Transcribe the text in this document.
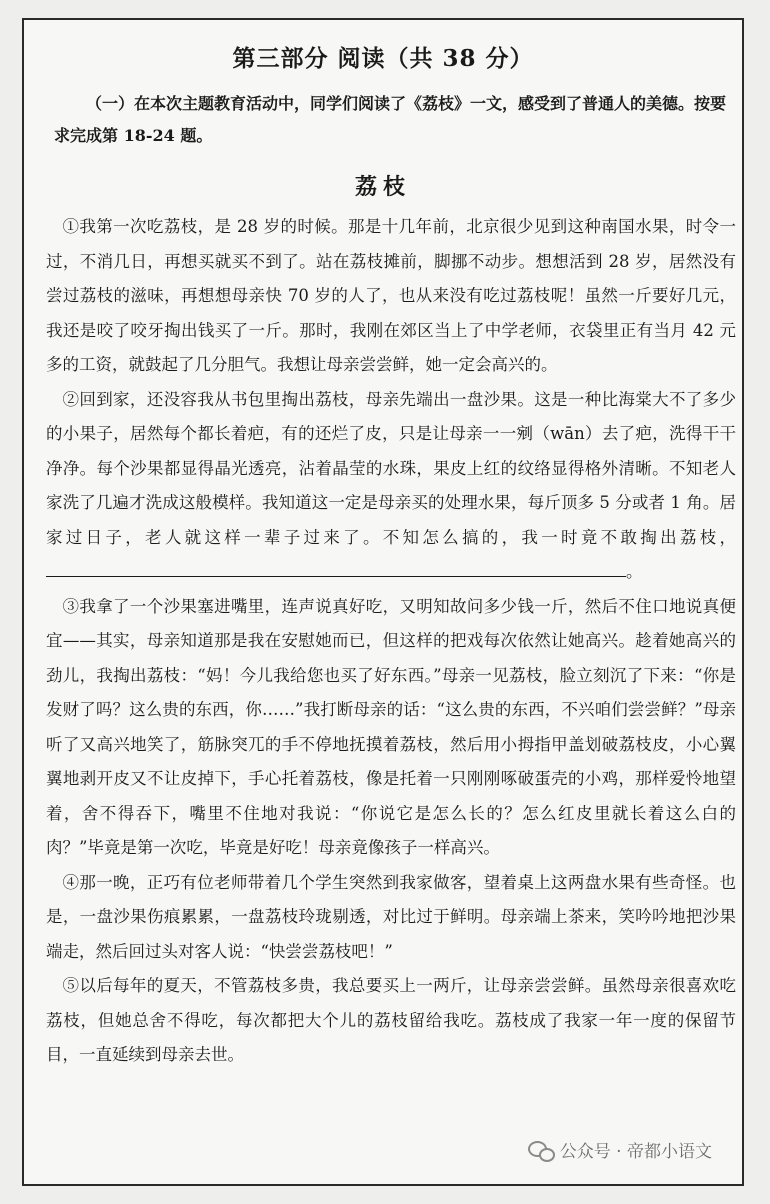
第三部分 阅读（共 38 分）
（一）在本次主题教育活动中，同学们阅读了《荔枝》一文，感受到了普通人的美德。按要求完成第 18-24 题。
荔枝

①我第一次吃荔枝，是 28 岁的时候。那是十几年前，北京很少见到这种南国水果，时令一过，不消几日，再想买就买不到了。站在荔枝摊前，脚挪不动步。想想活到 28 岁，居然没有尝过荔枝的滋味，再想想母亲快 70 岁的人了，也从来没有吃过荔枝呢！虽然一斤要好几元，我还是咬了咬牙掏出钱买了一斤。那时，我刚在郊区当上了中学老师，衣袋里正有当月 42 元多的工资，就鼓起了几分胆气。我想让母亲尝尝鲜，她一定会高兴的。

②回到家，还没容我从书包里掏出荔枝，母亲先端出一盘沙果。这是一种比海棠大不了多少的小果子，居然每个都长着疤，有的还烂了皮，只是让母亲一一剜（wān）去了疤，洗得干干净净。每个沙果都显得晶光透亮，沾着晶莹的水珠，果皮上红的纹络显得格外清晰。不知老人家洗了几遍才洗成这般模样。我知道这一定是母亲买的处理水果，每斤顶多 5 分或者 1 角。居家过日子，老人就这样一辈子过来了。不知怎么搞的，我一时竟不敢掏出荔枝，。

③我拿了一个沙果塞进嘴里，连声说真好吃，又明知故问多少钱一斤，然后不住口地说真便宜——其实，母亲知道那是我在安慰她而已，但这样的把戏每次依然让她高兴。趁着她高兴的劲儿，我掏出荔枝：“妈！今儿我给您也买了好东西。”母亲一见荔枝，脸立刻沉了下来：“你是发财了吗？这么贵的东西，你……”我打断母亲的话：“这么贵的东西，不兴咱们尝尝鲜？”母亲听了又高兴地笑了，筋脉突兀的手不停地抚摸着荔枝，然后用小拇指甲盖划破荔枝皮，小心翼翼地剥开皮又不让皮掉下，手心托着荔枝，像是托着一只刚刚啄破蛋壳的小鸡，那样爱怜地望着，舍不得吞下，嘴里不住地对我说：“你说它是怎么长的？怎么红皮里就长着这么白的肉？”毕竟是第一次吃，毕竟是好吃！母亲竟像孩子一样高兴。

④那一晚，正巧有位老师带着几个学生突然到我家做客，望着桌上这两盘水果有些奇怪。也是，一盘沙果伤痕累累，一盘荔枝玲珑剔透，对比过于鲜明。母亲端上茶来，笑吟吟地把沙果端走，然后回过头对客人说：“快尝尝荔枝吧！”

⑤以后每年的夏天，不管荔枝多贵，我总要买上一两斤，让母亲尝尝鲜。虽然母亲很喜欢吃荔枝，但她总舍不得吃，每次都把大个儿的荔枝留给我吃。荔枝成了我家一年一度的保留节目，一直延续到母亲去世。

公众号 · 帝都小语文
